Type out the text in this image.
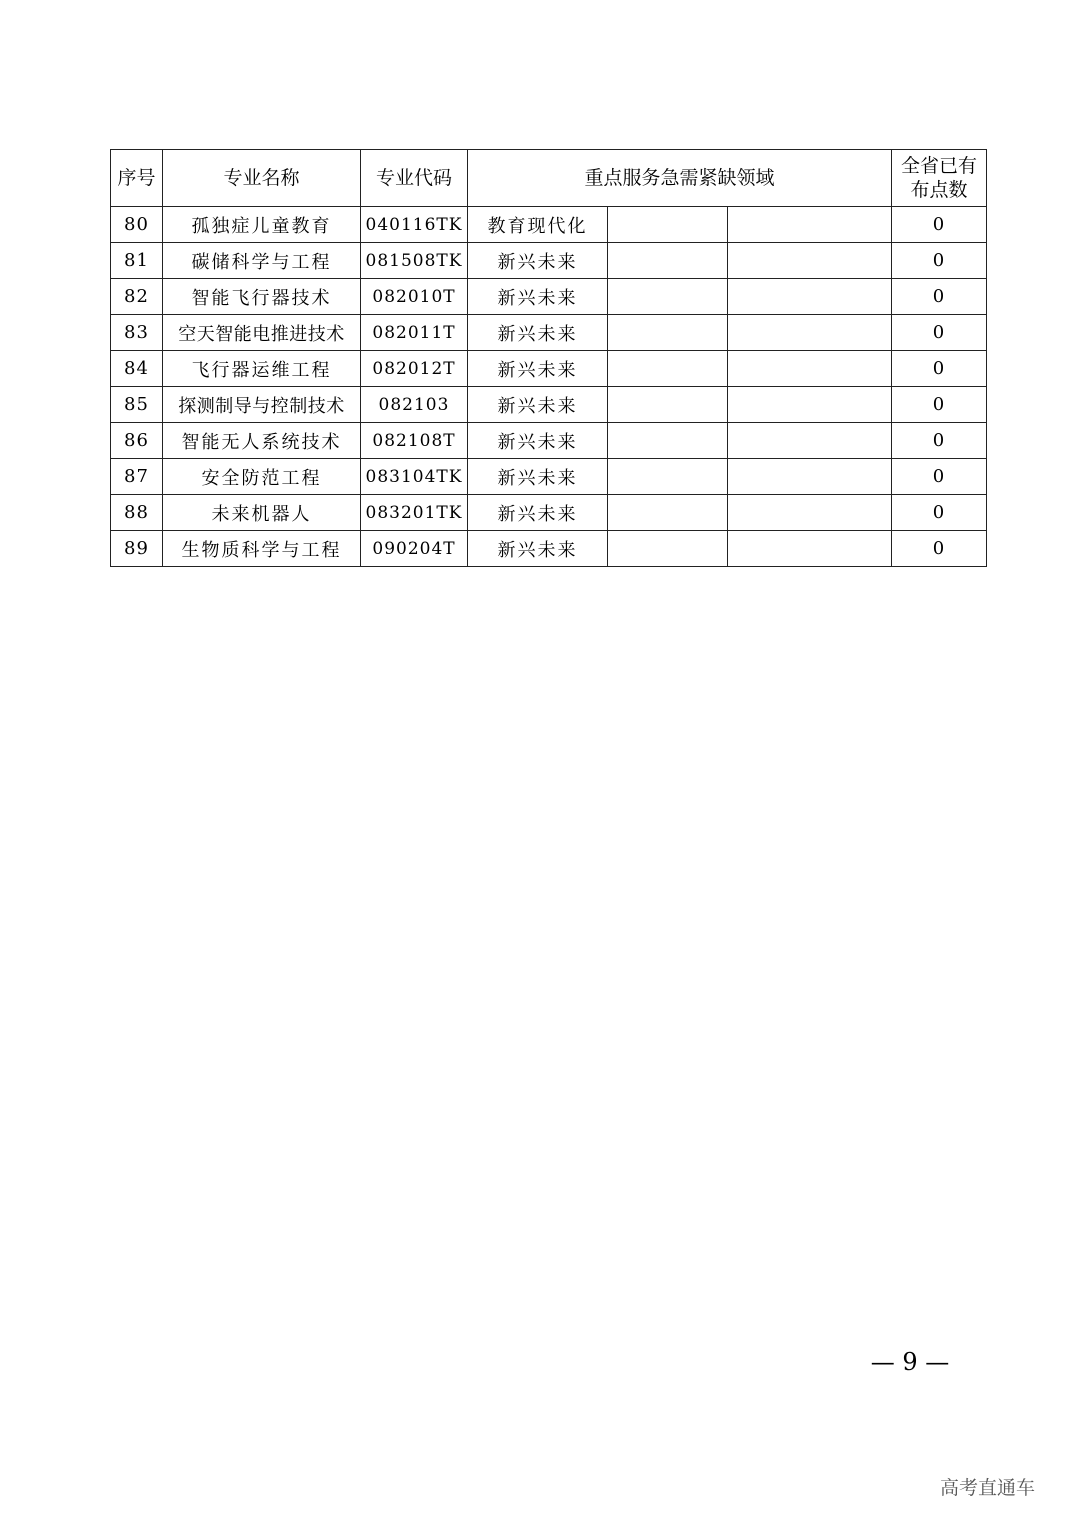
序号	专业名称	专业代码	重点服务急需紧缺领域			全省已有布点数
80	孤独症儿童教育	040116TK	教育现代化			0
81	碳储科学与工程	081508TK	新兴未来			0
82	智能飞行器技术	082010T	新兴未来			0
83	空天智能电推进技术	082011T	新兴未来			0
84	飞行器运维工程	082012T	新兴未来			0
85	探测制导与控制技术	082103	新兴未来			0
86	智能无人系统技术	082108T	新兴未来			0
87	安全防范工程	083104TK	新兴未来			0
88	未来机器人	083201TK	新兴未来			0
89	生物质科学与工程	090204T	新兴未来			0
— 9 —
高考直通车
